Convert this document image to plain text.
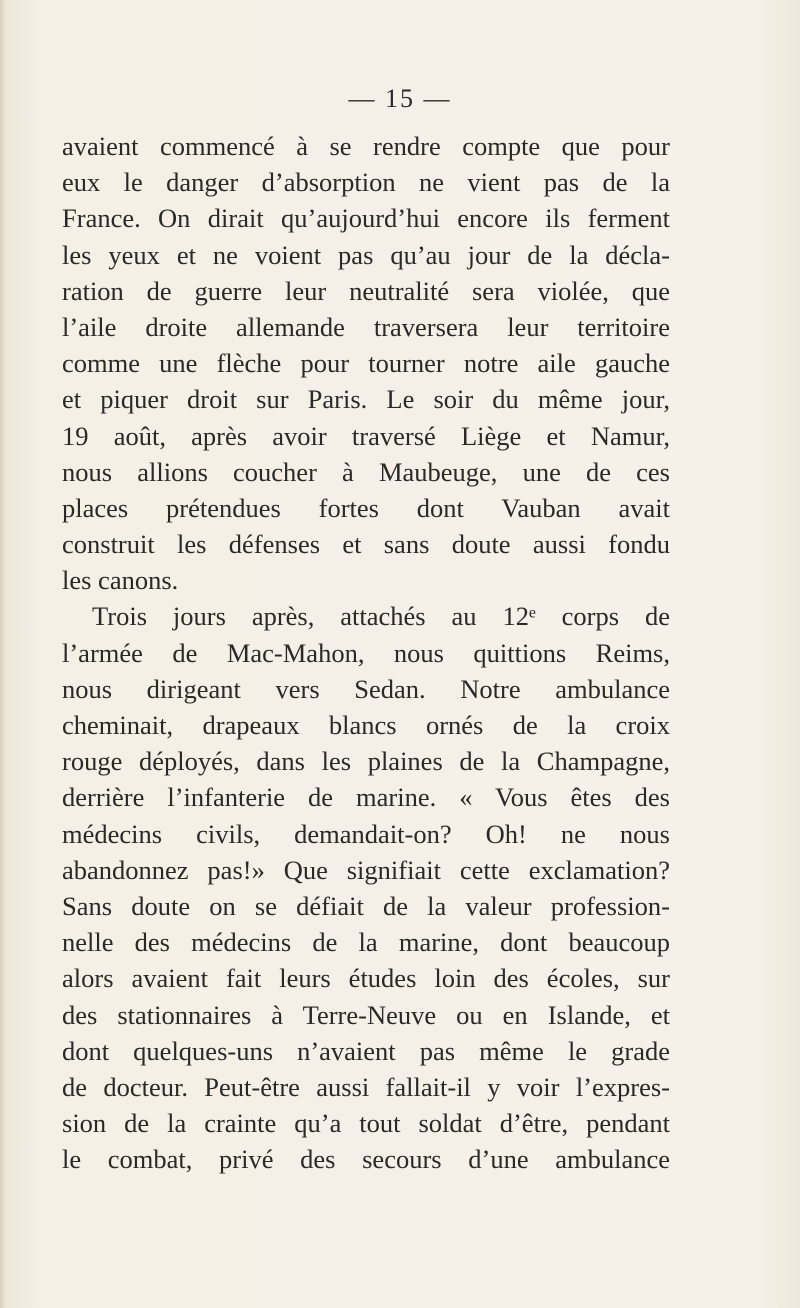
— 15 —
avaient commencé à se rendre compte que pour
eux le danger d’absorption ne vient pas de la
France. On dirait qu’aujourd’hui encore ils ferment
les yeux et ne voient pas qu’au jour de la décla-
ration de guerre leur neutralité sera violée, que
l’aile droite allemande traversera leur territoire
comme une flèche pour tourner notre aile gauche
et piquer droit sur Paris. Le soir du même jour,
19 août, après avoir traversé Liège et Namur,
nous allions coucher à Maubeuge, une de ces
places prétendues fortes dont Vauban avait
construit les défenses et sans doute aussi fondu
les canons.
Trois jours après, attachés au 12ᵉ corps de
l’armée de Mac-Mahon, nous quittions Reims,
nous dirigeant vers Sedan. Notre ambulance
cheminait, drapeaux blancs ornés de la croix
rouge déployés, dans les plaines de la Champagne,
derrière l’infanterie de marine. « Vous êtes des
médecins civils, demandait-on? Oh! ne nous
abandonnez pas!» Que signifiait cette exclamation?
Sans doute on se défiait de la valeur profession-
nelle des médecins de la marine, dont beaucoup
alors avaient fait leurs études loin des écoles, sur
des stationnaires à Terre-Neuve ou en Islande, et
dont quelques-uns n’avaient pas même le grade
de docteur. Peut-être aussi fallait-il y voir l’expres-
sion de la crainte qu’a tout soldat d’être, pendant
le combat, privé des secours d’une ambulance
